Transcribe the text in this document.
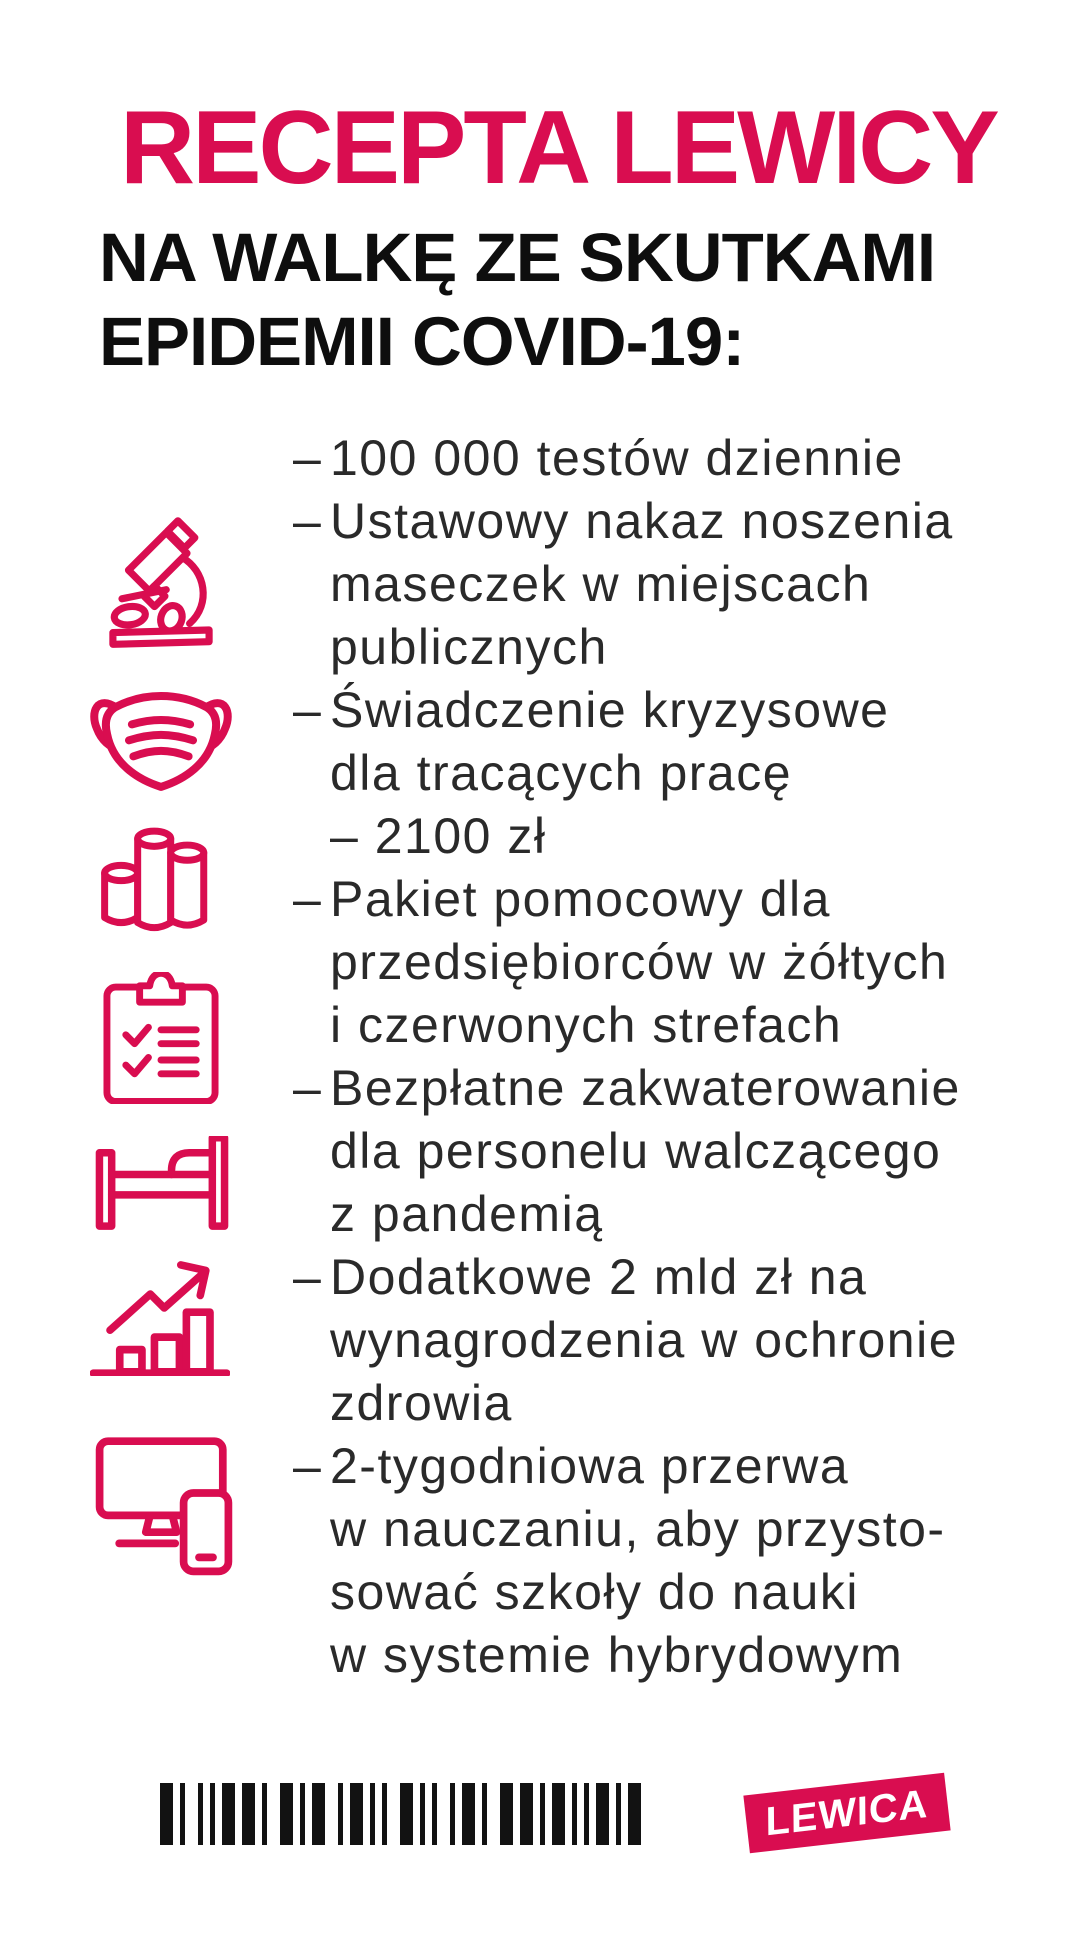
RECEPTA LEWICY
NA WALKĘ ZE SKUTKAMI
EPIDEMII COVID-19:
– 100 000 testów dziennie
– Ustawowy nakaz noszenia
maseczek w miejscach
publicznych
– Świadczenie kryzysowe
dla tracących pracę
– 2100 zł
– Pakiet pomocowy dla
przedsiębiorców w żółtych
i czerwonych strefach
– Bezpłatne zakwaterowanie
dla personelu walczącego
z pandemią
– Dodatkowe 2 mld zł na
wynagrodzenia w ochronie
zdrowia
– 2-tygodniowa przerwa
w nauczaniu, aby przysto-
sować szkoły do nauki
w systemie hybrydowym
LEWICA
